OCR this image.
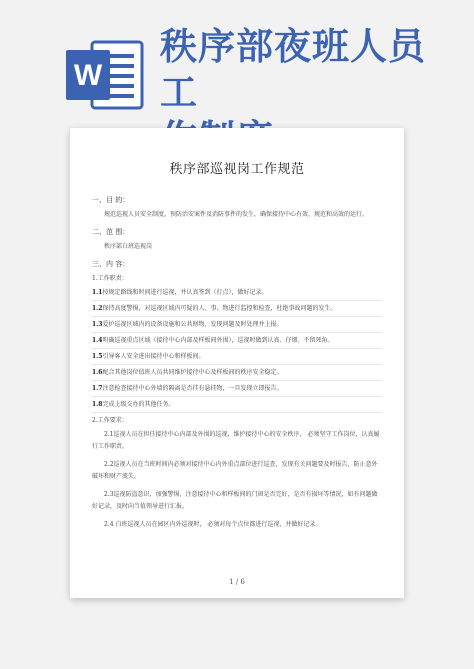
W
秩序部夜班人员工
秩序部巡视岗工作规范
一、目 的：
规范巡视人员安全制度，预防治安案件及消防事件的发生，确保接待中心有效、规范和高效的运行。
二、范 围：
秩序部白班巡视岗
三、内 容：
1.工作职责：

1.1按规定路线和时间进行巡视，并认真签到（打点），做好记录。

1.2保持高度警惕，对巡视区域内可疑的人、事、物进行监控和检查，杜绝事故问题的发生。

1.3爱护巡视区域内的设备设施和公共财物，发现问题及时处理并上报。

1.4明确巡视重点区域（接待中心内部及样板间外围），巡视时做到认真、仔细、不留死角。

1.5引导客人安全进出接待中心和样板间。

1.6配合其他岗位值班人员共同维护接待中心及样板间的秩序安全稳定。

1.7注意检查接待中心外墙的隔离是否挂有悬挂物，一旦发现立即报告。

1.8完成上级交办的其他任务。

2.工作要求：

2.1巡视人员在担任接待中心内部及外围的巡视，维护接待中心的安全秩序， 必须坚守工作岗位，认真履行工作职责。

2.2巡视人员在当班时间内必须对接待中心内外重点部位进行巡查，发现有关问题要及时报告，防止意外破坏和财产流失。

2.3巡视防盗意识，加强警惕，注意接待中心和样板间的门窗是否完好，是否有损坏等情况，如有问题做好记录，及时向当值领导进行汇报。

2.4 白班巡视人员在园区内外巡视时， 必须对每个点位都进行巡视，并做好记录。

1 / 6
